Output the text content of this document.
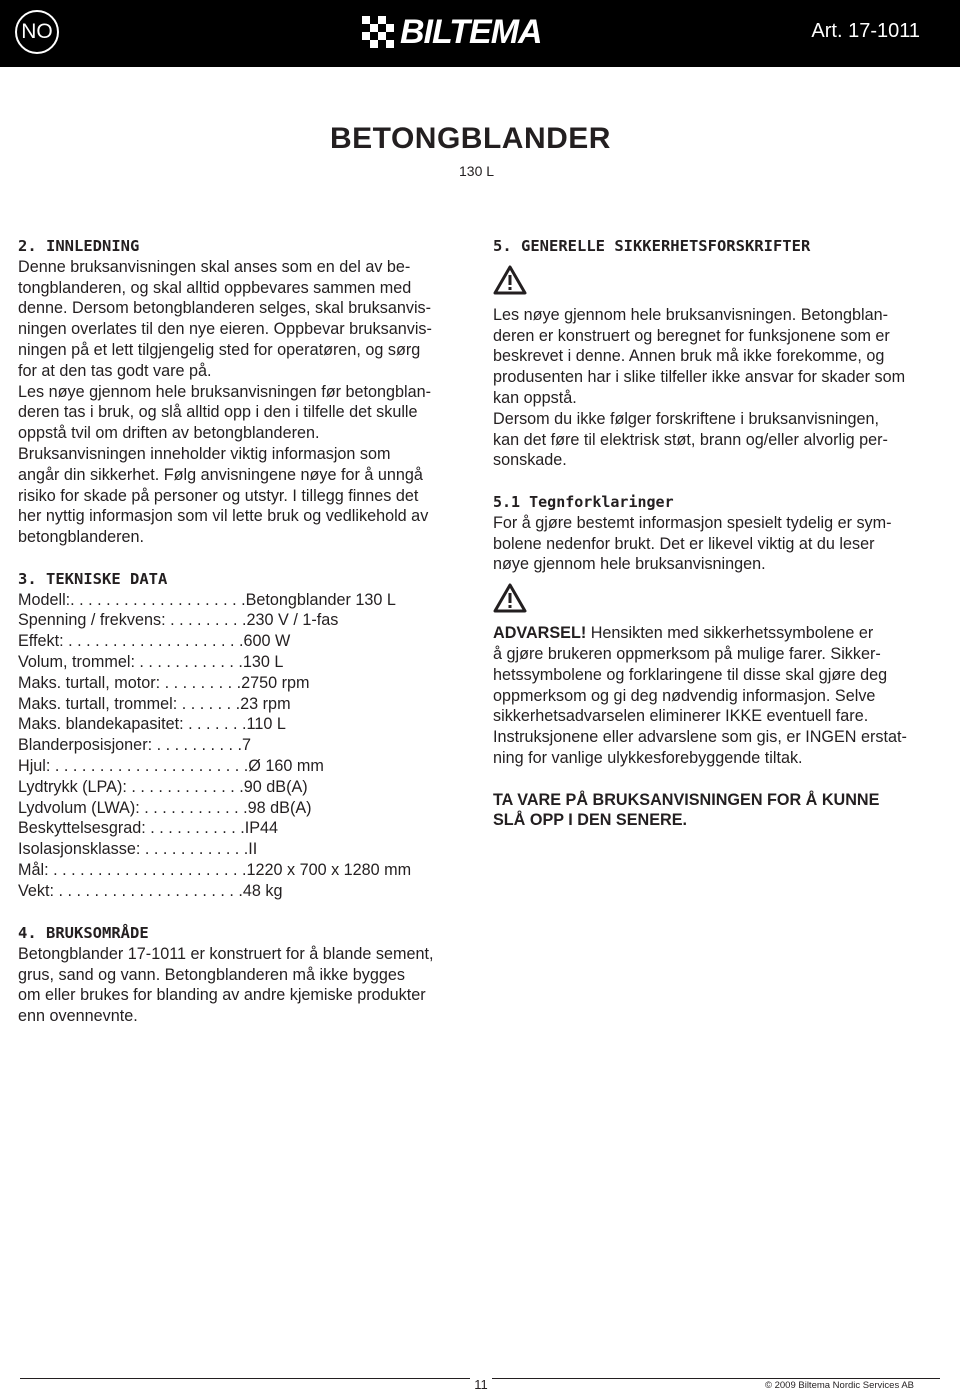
NO	BILTEMA	Art. 17-1011
BETONGBLANDER

130 L

2. INNLEDNING

Denne bruksanvisningen skal anses som en del av be-

tongblanderen, og skal alltid oppbevares sammen med

denne. Dersom betongblanderen selges, skal bruksanvis-

ningen overlates til den nye eieren. Oppbevar bruksanvis-

ningen på et lett tilgjengelig sted for operatøren, og sørg

for at den tas godt vare på.

Les nøye gjennom hele bruksanvisningen før betongblan-

deren tas i bruk, og slå alltid opp i den i tilfelle det skulle

oppstå tvil om driften av betongblanderen.

Bruksanvisningen inneholder viktig informasjon som

angår din sikkerhet. Følg anvisningene nøye for å unngå

risiko for skade på personer og utstyr. I tillegg finnes det

her nyttig informasjon som vil lette bruk og vedlikehold av

betongblanderen.

3. TEKNISKE DATA

Modell:. . . . . . . . . . . . . . . . . . . .Betongblander 130 L
Spenning / frekvens: . . . . . . . . .230 V / 1-fas
Effekt: . . . . . . . . . . . . . . . . . . . .600 W
Volum, trommel: . . . . . . . . . . . .130 L
Maks. turtall, motor: . . . . . . . . .2750 rpm
Maks. turtall, trommel: . . . . . . .23 rpm
Maks. blandekapasitet: . . . . . . .110 L
Blanderposisjoner: . . . . . . . . . .7
Hjul: . . . . . . . . . . . . . . . . . . . . . .Ø 160 mm
Lydtrykk (LPA): . . . . . . . . . . . . .90 dB(A)
Lydvolum (LWA): . . . . . . . . . . . .98 dB(A)
Beskyttelsesgrad: . . . . . . . . . . .IP44
Isolasjonsklasse: . . . . . . . . . . . .II
Mål: . . . . . . . . . . . . . . . . . . . . . .1220 x 700 x 1280 mm
Vekt: . . . . . . . . . . . . . . . . . . . . .48 kg

4. BRUKSOMRÅDE

Betongblander 17-1011 er konstruert for å blande sement,

grus, sand og vann. Betongblanderen må ikke bygges

om eller brukes for blanding av andre kjemiske produkter

enn ovennevnte.

5. GENERELLE SIKKERHETSFORSKRIFTER

Les nøye gjennom hele bruksanvisningen. Betongblan-

deren er konstruert og beregnet for funksjonene som er

beskrevet i denne. Annen bruk må ikke forekomme, og

produsenten har i slike tilfeller ikke ansvar for skader som

kan oppstå.

Dersom du ikke følger forskriftene i bruksanvisningen,

kan det føre til elektrisk støt, brann og/eller alvorlig per-

sonskade.

5.1 Tegnforklaringer

For å gjøre bestemt informasjon spesielt tydelig er sym-

bolene nedenfor brukt. Det er likevel viktig at du leser

nøye gjennom hele bruksanvisningen.

ADVARSEL! Hensikten med sikkerhetssymbolene er

å gjøre brukeren oppmerksom på mulige farer. Sikker-

hetssymbolene og forklaringene til disse skal gjøre deg

oppmerksom og gi deg nødvendig informasjon. Selve

sikkerhetsadvarselen eliminerer IKKE eventuell fare.

Instruksjonene eller advarslene som gis, er INGEN erstat-

ning for vanlige ulykkesforebyggende tiltak.

TA VARE PÅ BRUKSANVISNINGEN FOR Å KUNNE

SLÅ OPP I DEN SENERE.

11	© 2009 Biltema Nordic Services AB
